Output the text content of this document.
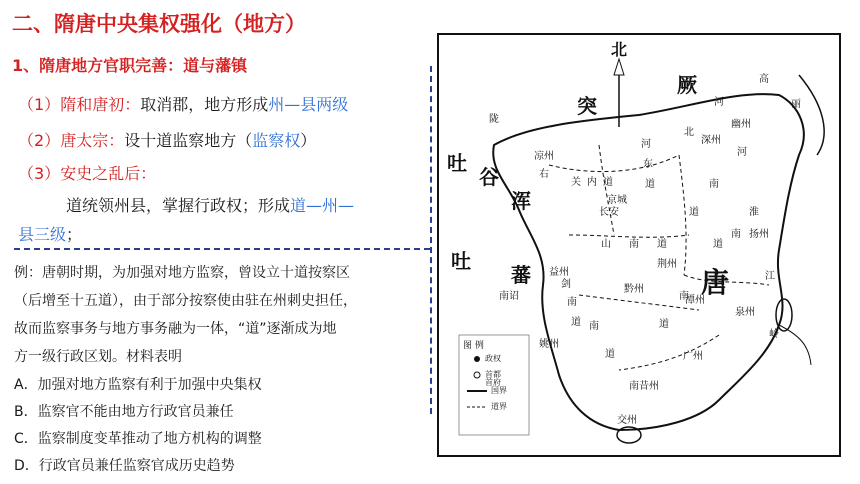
二、隋唐中央集权强化（地方）
1、隋唐地方官职完善：道与藩镇
（1）隋和唐初：取消郡，地方形成州—县两级
（2）唐太宗：设十道监察地方（监察权）
（3）安史之乱后：
道统领州县，掌握行政权；形成道—州—
县三级；
例：唐朝时期，为加强对地方监察，曾设立十道按察区
（后增至十五道），由于部分按察使由驻在州刺史担任，
故而监察事务与地方事务融为一体，“道”逐渐成为地
方一级行政区划。材料表明
A．加强对地方监察有利于加强中央集权
B．监察官不能由地方行政官员兼任
C．监察制度变革推动了地方机构的调整
D．行政官员兼任监察官成历史趋势
北
突
厥
吐
谷
浑
吐
蕃	唐
高
丽
河
北
深州
陇
右
关 内 道
河
东
道
河
南
道
凉州
幽州
长安
京城
山 南 道
淮
南
道
扬州
江
南
道
益州
剑
南
道
荆州
黔州
岭
南
道
潭州
泉州
广州
姚州
交州
南诏
南昔州
图 例
政权
首都
首府
国界
道界
